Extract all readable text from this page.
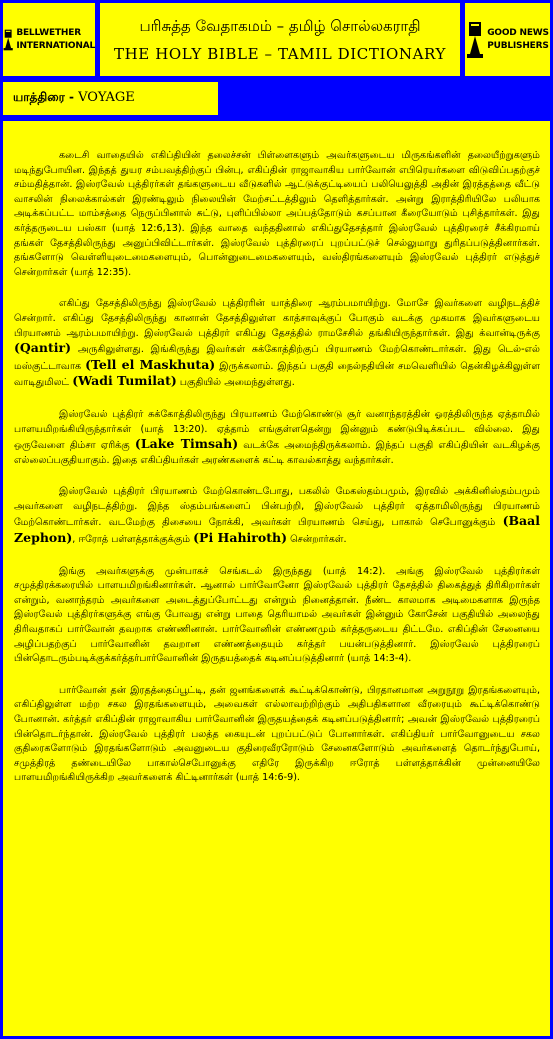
BELLWETHER
INTERNATIONAL
பரிசுத்த வேதாகமம் – தமிழ் சொல்லகராதி
THE HOLY BIBLE – TAMIL DICTIONARY
GOOD NEWS
PUBLISHERS
யாத்திரை - VOYAGE

கடைசி வாதையில் எகிப்தியின் தலைச்சன் பிள்ளைகளும் அவர்களுடைய மிருகங்களின் தலையீற்றுகளும் மடிந்துபோயின. இந்தத் துயர சம்பவத்திற்குப் பின்பு, எகிப்தின் ராஜாவாகிய பார்வோன் எபிரெயர்களை விடுவிப்பதற்குச் சம்மதித்தான். இஸ்ரவேல் புத்திரர்கள் தங்களுடைய வீடுகளில் ஆட்டுக்குட்டியைப் பலியெலுத்தி அதின் இரத்தத்தை வீட்டு வாசலின் நிலைக்கால்கள் இரண்டிலும் நிலையின் மேற்சட்டத்திலும் தெளித்தார்கள். அன்று இராத்திரியிலே பலியாக அடிக்கப்பட்ட மாம்சத்தை நெருப்பினால் சுட்டு, புளிப்பில்லா அப்பத்தோடும் கசப்பான கீரையோடும் புசித்தார்கள். இது கர்த்தருடைய பஸ்கா (யாத் 12:6,13). இந்த வாதை வந்ததினால் எகிப்துதேசத்தார் இஸ்ரவேல் புத்திரரைச் சீக்கிரமாய் தங்கள் தேசத்திலிருந்து அனுப்பிவிட்டார்கள். இஸ்ரவேல் புத்திரரைப் புறப்பட்டுச் செல்லுமாறு துரிதப்படுத்தினார்கள். தங்களோடு வெள்ளியுடைமைகளையும், பொன்னுடைமைகளையும், வஸ்திரங்களையும் இஸ்ரவேல் புத்திரர் எடுத்துச் சென்றார்கள் (யாத் 12:35).

எகிப்து தேசத்திலிருந்து இஸ்ரவேல் புத்திரரின் யாத்திரை ஆரம்பமாயிற்று. மோசே இவர்களை வழிநடத்திச் சென்றார். எகிப்து தேசத்திலிருந்து கானான் தேசத்திலுள்ள காத்சாவுக்குப் போகும் வடக்கு முகமாக இவர்களுடைய பிரயாணம் ஆரம்பமாயிற்று. இஸ்ரவேல் புத்திரர் எகிப்து தேசத்தில் ராமசேசில் தங்கியிருந்தார்கள். இது க்வான்டிருக்கு (Qantir) அருகிலுள்ளது. இங்கிருந்து இவர்கள் சுக்கோத்திற்குப் பிரயாணம் மேற்கொண்டார்கள். இது டெல்-எல் மஸ்குட்டாவாக (Tell el Maskhuta) இருக்கலாம். இந்தப் பகுதி நைல்நதியின் சமவெளியில் தென்கிழக்கிலுள்ள வாடிதுமிலட் (Wadi Tumilat) பகுதியில் அமைந்துள்ளது.

இஸ்ரவேல் புத்திரர் சுக்கோத்திலிருந்து பிரயாணம் மேற்கொண்டு சூர் வனாந்தரத்தின் ஓரத்திலிருந்த ஏத்தாமில் பாளயமிறங்கியிருந்தார்கள் (யாத் 13:20). ஏத்தாம் எங்குள்ளதென்று இன்னும் கண்டுபிடிக்கப்பட வில்லை. இது ஒருவேளை திம்சா ஏரிக்கு (Lake Timsah) வடக்கே அமைந்திருக்கலாம். இந்தப் பகுதி எகிப்தியின் வடகிழக்கு எல்லைப்பகுதியாகும். இதை எகிப்தியர்கள் அரண்களைக் கட்டி காவல்காத்து வந்தார்கள்.

இஸ்ரவேல் புத்திரர் பிரயாணம் மேற்கொண்டபோது, பகலில் மேகஸ்தம்பமும், இரவில் அக்கினிஸ்தம்பமும் அவர்களை வழிநடத்திற்று. இந்த ஸ்தம்பங்களைப் பின்பற்றி, இஸ்ரவேல் புத்திரர் ஏத்தாமிலிருந்து பிரயாணம் மேற்கொண்டார்கள். வடமேற்கு திசையை நோக்கி, அவர்கள் பிரயாணம் செய்து, பாகால் செபோனுக்கும் (Baal Zephon), ஈரோத் பள்ளத்தாக்குக்கும் (Pi Hahiroth) சென்றார்கள்.

இங்கு அவர்களுக்கு முன்பாகச் செங்கடல் இருந்தது (யாத் 14:2). அங்கு இஸ்ரவேல் புத்திரர்கள் சமுத்திரக்கரையில் பாளயமிறங்கினார்கள். ஆனால் பார்வோனோ இஸ்ரவேல் புத்திரர் தேசத்தில் திகைத்துத் திரிகிறார்கள் என்றும், வனாந்தரம் அவர்களை அடைத்துப்போட்டது என்றும் நினைத்தான். நீண்ட காலமாக அடிமைகளாக இருந்த இஸ்ரவேல் புத்திரர்களுக்கு எங்கு போவது என்று பாதை தெரியாமல் அவர்கள் இன்னும் கோசேன் பகுதியில் அலைந்து திரிவதாகப் பார்வோன் தவறாக எண்ணினான். பார்வோனின் எண்ணமும் கர்த்தருடைய திட்டமே. எகிப்தின் சேனையை அழிப்பதற்குப் பார்வோனின் தவறான எண்ணத்தையும் கர்த்தர் பயன்படுத்தினார். இஸ்ரவேல் புத்திரரைப் பின்தொடரும்படிக்குக்கர்த்தர்பார்வோனின் இருதயத்தைக் கடினப்படுத்தினார் (யாத் 14:3-4).

பார்வோன் தன் இரதத்தைப்பூட்டி, தன் ஜனங்களைக் கூட்டிக்கொண்டு, பிரதானமான அறுநூறு இரதங்களையும், எகிப்திலுள்ள மற்ற சகல இரதங்களையும், அவைகள் எல்லாவற்றிற்கும் அதிபதிகளான வீரரையும் கூட்டிக்கொண்டு போனான். கர்த்தர் எகிப்தின் ராஜாவாகிய பார்வோனின் இருதயத்தைக் கடினப்படுத்தினார்; அவன் இஸ்ரவேல் புத்திரரைப் பின்தொடர்ந்தான். இஸ்ரவேல் புத்திரர் பலத்த கையுடன் புறப்பட்டுப் போனார்கள். எகிப்தியர் பார்வோனுடைய சகல குதிரைகளோடும் இரதங்களோடும் அவனுடைய குதிரைவீரரோடும் சேனைகளோடும் அவர்களைத் தொடர்ந்துபோய், சமுத்திரத் தண்டையிலே பாகால்செபோனுக்கு எதிரே இருக்கிற ஈரோத் பள்ளத்தாக்கின் முன்னையிலே பாளயமிறங்கியிருக்கிற அவர்களைக் கிட்டினார்கள் (யாத் 14:6-9).
